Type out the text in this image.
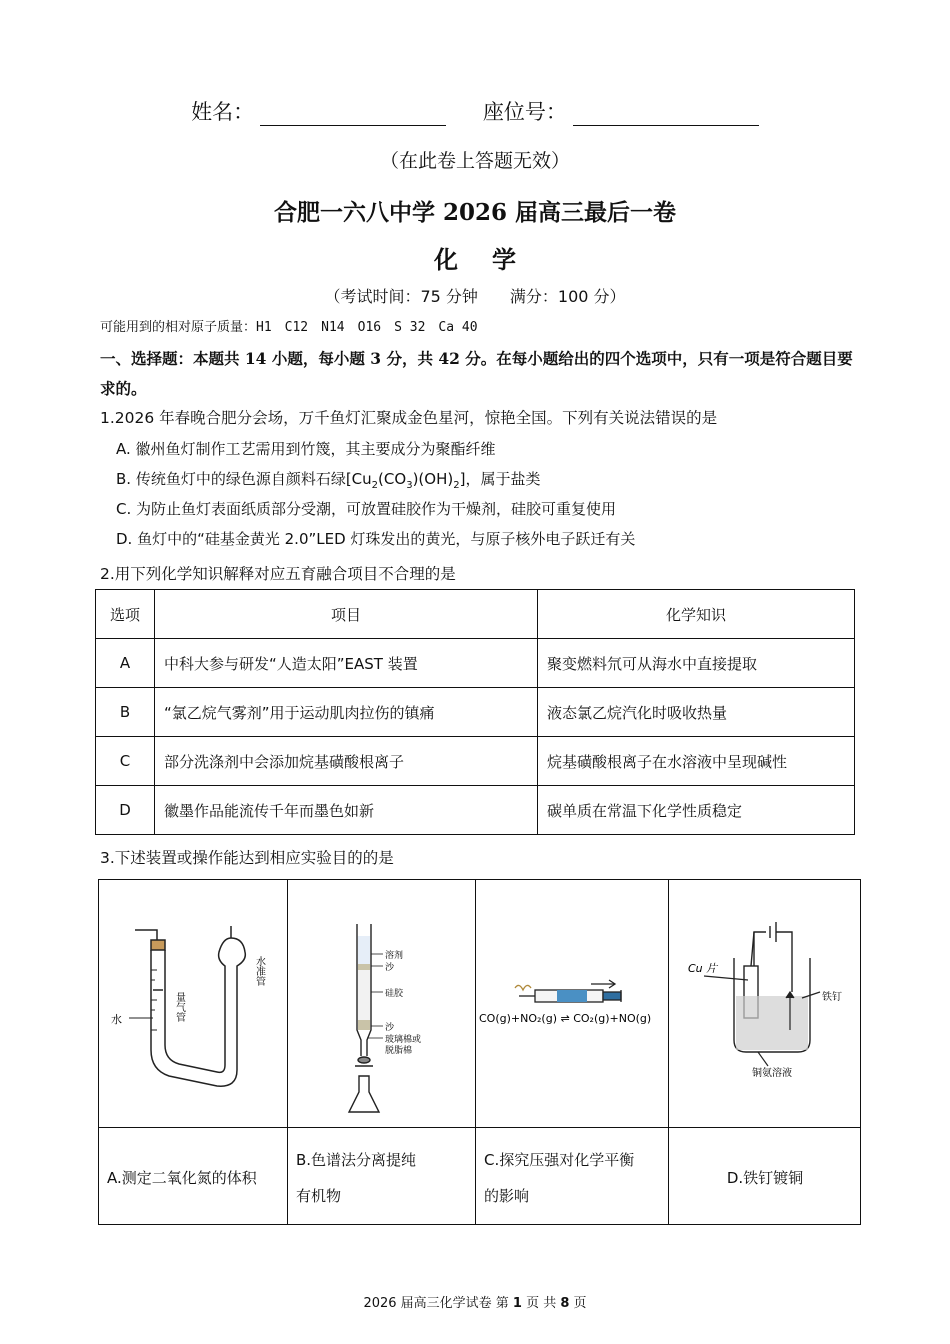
姓名：	座位号：
（在此卷上答题无效）
合肥一六八中学 2026 届高三最后一卷
化学
（考试时间：75 分钟　　满分：100 分）
可能用到的相对原子质量：H1　C12　N14　O16　S 32　Ca 40
一、选择题：本题共 14 小题，每小题 3 分，共 42 分。在每小题给出的四个选项中，只有一项是符合题目要求的。
1.2026 年春晚合肥分会场，万千鱼灯汇聚成金色星河，惊艳全国。下列有关说法错误的是
A. 徽州鱼灯制作工艺需用到竹篾，其主要成分为聚酯纤维
B. 传统鱼灯中的绿色源自颜料石绿$[Cu_2(CO_3)(OH)_2]$，属于盐类
C. 为防止鱼灯表面纸质部分受潮，可放置硅胶作为干燥剂，硅胶可重复使用
D. 鱼灯中的“硅基金黄光 2.0”LED 灯珠发出的黄光，与原子核外电子跃迁有关
2.用下列化学知识解释对应五育融合项目不合理的是
选项	项目	化学知识
A	中科大参与研发“人造太阳”EAST 装置	聚变燃料氘可从海水中直接提取
B	“氯乙烷气雾剂”用于运动肌肉拉伤的镇痛	液态氯乙烷汽化时吸收热量
C	部分洗涤剂中会添加烷基磺酸根离子	烷基磺酸根离子在水溶液中呈现碱性
D	徽墨作品能流传千年而墨色如新	碳单质在常温下化学性质稳定
3.下述装置或操作能达到相应实验目的的是
水	量气管
水准管	溶剂
沙
硅胶
沙
玻璃棉或
脱脂棉
CO(g)+NO₂(g) ⇌ CO₂(g)+NO(g)
Cu 片
铁钉
铜氨溶液
A.测定二氧化氮的体积
B.色谱法分离提纯
有机物
C.探究压强对化学平衡
的影响
D.铁钉镀铜
2026 届高三化学试卷 第 1 页 共 8 页
